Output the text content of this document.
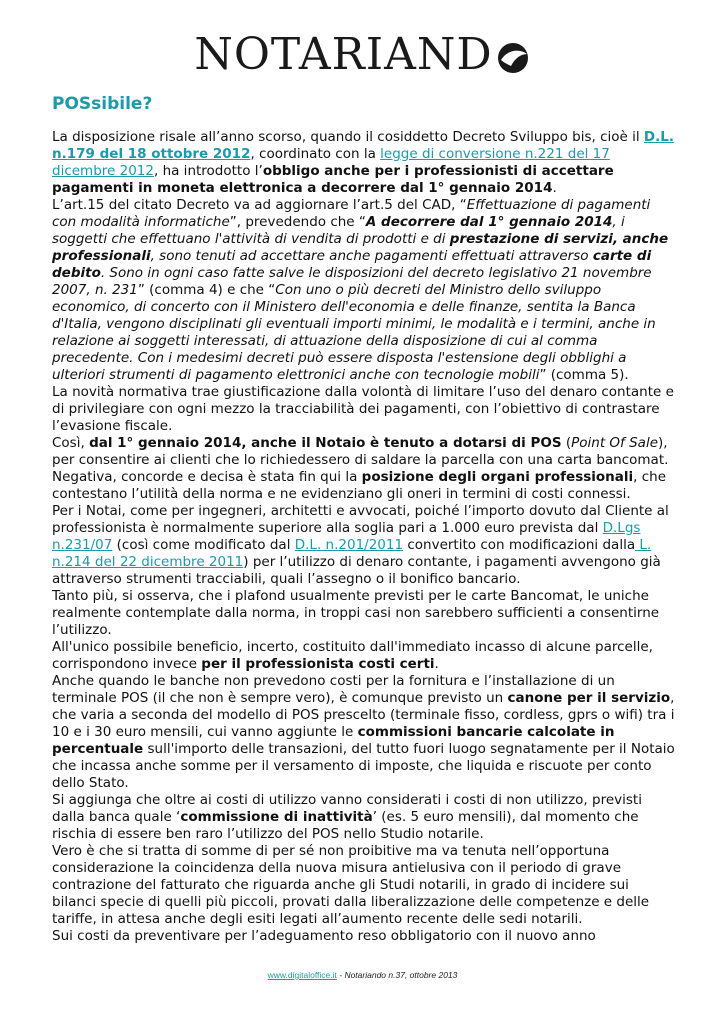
NOTARIAND
POSsibile?

La disposizione risale all’anno scorso, quando il cosiddetto Decreto Sviluppo bis, cioè il D.L. n.179 del 18 ottobre 2012, coordinato con la legge di conversione n.221 del 17 dicembre 2012, ha introdotto l’obbligo anche per i professionisti di accettare pagamenti in moneta elettronica a decorrere dal 1° gennaio 2014.

L’art.15 del citato Decreto va ad aggiornare l’art.5 del CAD, “Effettuazione di pagamenti con modalità informatiche”, prevedendo che “A decorrere dal 1° gennaio 2014, i soggetti che effettuano l'attività di vendita di prodotti e di prestazione di servizi, anche professionali, sono tenuti ad accettare anche pagamenti effettuati attraverso carte di debito. Sono in ogni caso fatte salve le disposizioni del decreto legislativo 21 novembre 2007, n. 231” (comma 4) e che “Con uno o più decreti del Ministro dello sviluppo economico, di concerto con il Ministero dell'economia e delle finanze, sentita la Banca d'Italia, vengono disciplinati gli eventuali importi minimi, le modalità e i termini, anche in relazione ai soggetti interessati, di attuazione della disposizione di cui al comma precedente. Con i medesimi decreti può essere disposta l'estensione degli obblighi a ulteriori strumenti di pagamento elettronici anche con tecnologie mobili” (comma 5).

La novità normativa trae giustificazione dalla volontà di limitare l’uso del denaro contante e di privilegiare con ogni mezzo la tracciabilità dei pagamenti, con l’obiettivo di contrastare l’evasione fiscale.

Così, dal 1° gennaio 2014, anche il Notaio è tenuto a dotarsi di POS (Point Of Sale), per consentire ai clienti che lo richiedessero di saldare la parcella con una carta bancomat.

Negativa, concorde e decisa è stata fin qui la posizione degli organi professionali, che contestano l’utilità della norma e ne evidenziano gli oneri in termini di costi connessi.

Per i Notai, come per ingegneri, architetti e avvocati, poiché l’importo dovuto dal Cliente al professionista è normalmente superiore alla soglia pari a 1.000 euro prevista dal D.Lgs n.231/07 (così come modificato dal D.L. n.201/2011 convertito con modificazioni dalla L. n.214 del 22 dicembre 2011) per l’utilizzo di denaro contante, i pagamenti avvengono già attraverso strumenti tracciabili, quali l’assegno o il bonifico bancario.

Tanto più, si osserva, che i plafond usualmente previsti per le carte Bancomat, le uniche realmente contemplate dalla norma, in troppi casi non sarebbero sufficienti a consentirne l’utilizzo.

All'unico possibile beneficio, incerto, costituito dall'immediato incasso di alcune parcelle, corrispondono invece per il professionista costi certi.

Anche quando le banche non prevedono costi per la fornitura e l’installazione di un terminale POS (il che non è sempre vero), è comunque previsto un canone per il servizio, che varia a seconda del modello di POS prescelto (terminale fisso, cordless, gprs o wifi) tra i 10 e i 30 euro mensili, cui vanno aggiunte le commissioni bancarie calcolate in percentuale sull'importo delle transazioni, del tutto fuori luogo segnatamente per il Notaio che incassa anche somme per il versamento di imposte, che liquida e riscuote per conto dello Stato.

Si aggiunga che oltre ai costi di utilizzo vanno considerati i costi di non utilizzo, previsti dalla banca quale ‘commissione di inattività’ (es. 5 euro mensili), dal momento che rischia di essere ben raro l’utilizzo del POS nello Studio notarile.

Vero è che si tratta di somme di per sé non proibitive ma va tenuta nell’opportuna considerazione la coincidenza della nuova misura antielusiva con il periodo di grave contrazione del fatturato che riguarda anche gli Studi notarili, in grado di incidere sui bilanci specie di quelli più piccoli, provati dalla liberalizzazione delle competenze e delle tariffe, in attesa anche degli esiti legati all’aumento recente delle sedi notarili.

Sui costi da preventivare per l’adeguamento reso obbligatorio con il nuovo anno

www.digitaloffice.it - Notariando n.37, ottobre 2013
